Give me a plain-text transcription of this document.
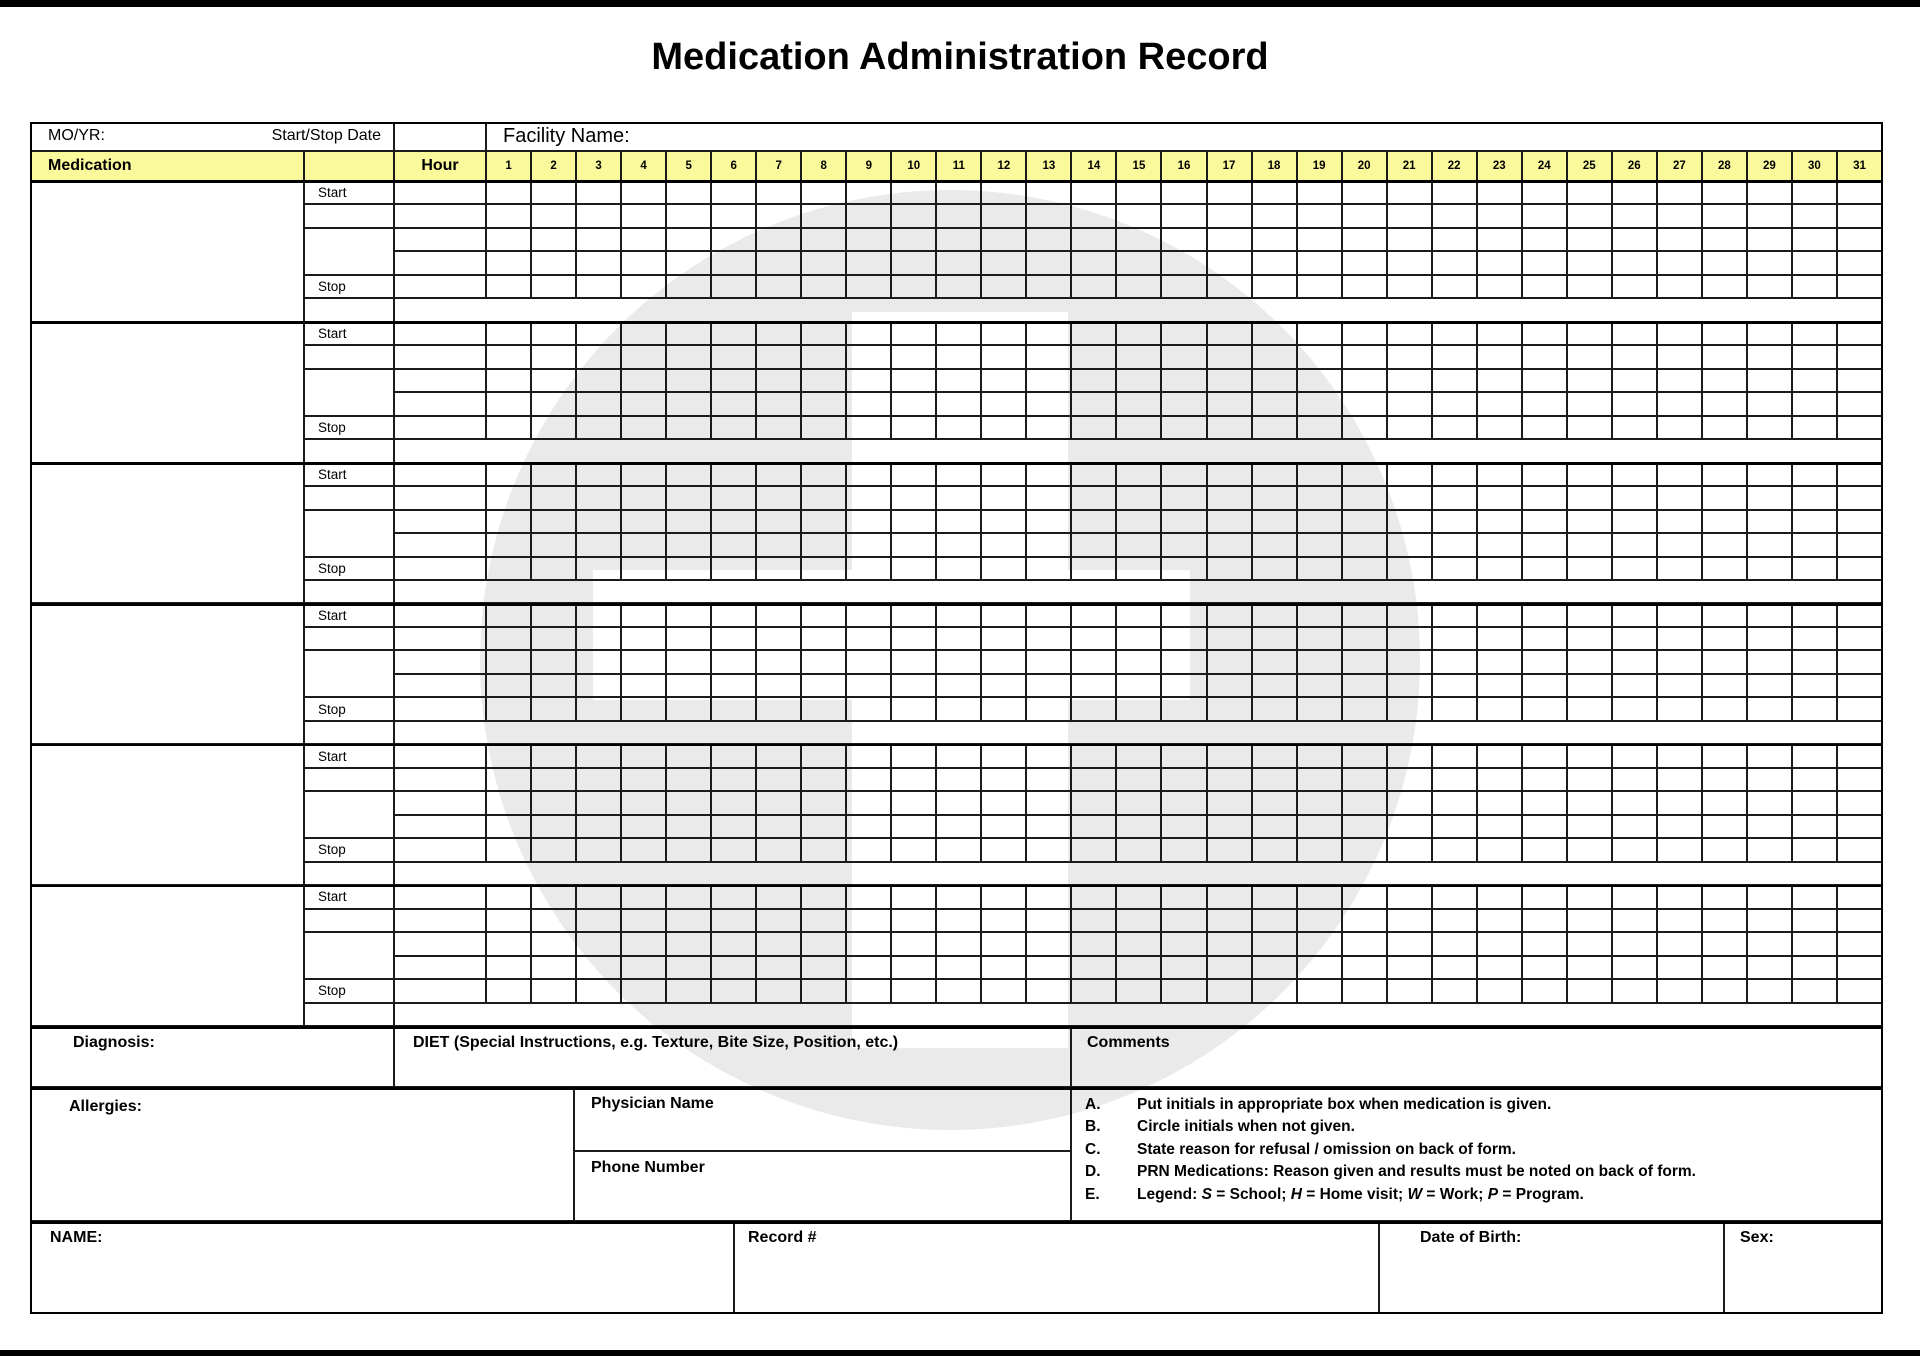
Medication Administration Record
MO/YR:	Start/Stop Date	Facility Name:
Medication	Hour	1	2	3	4	5	6	7	8	9	10	11	12	13	14	15	16	17	18	19	20	21	22	23	24	25	26	27	28	29	30	31
Start
Stop
Start
Stop
Start
Stop
Start
Stop
Start
Stop
Start
Stop
Diagnosis:	DIET (Special Instructions, e.g. Texture, Bite Size, Position, etc.)	Comments
Allergies:	Physician Name
Phone Number
A.	Put initials in appropriate box when medication is given.
B.	Circle initials when not given.
C.	State reason for refusal / omission on back of form.
D.	PRN Medications: Reason given and results must be noted on back of form.
E.	Legend: S = School; H = Home visit; W = Work; P = Program.
NAME:	Record #	Date of Birth:	Sex:
